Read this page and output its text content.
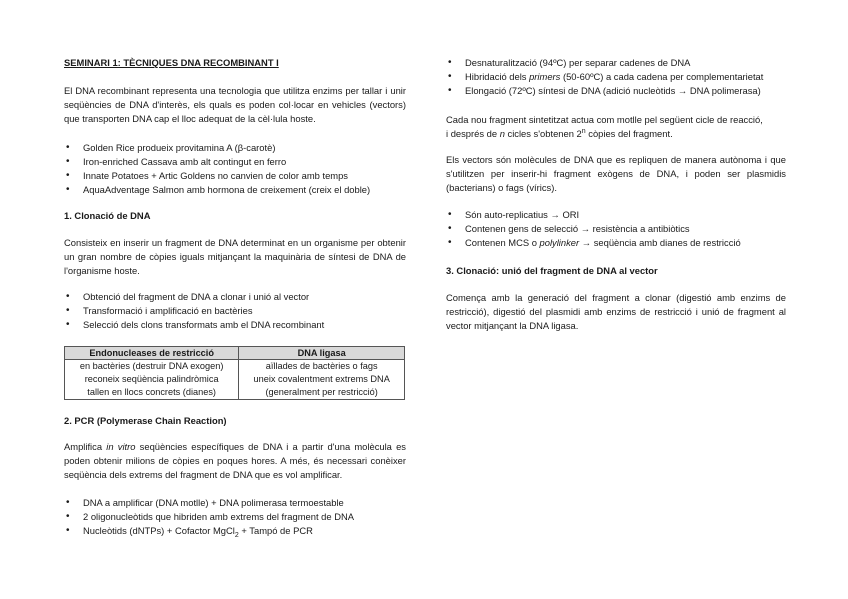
SEMINARI 1: TÈCNIQUES DNA RECOMBINANT I
El DNA recombinant representa una tecnologia que utilitza enzims per tallar i unir seqüències de DNA d'interès, els quals es poden col·locar en vehicles (vectors) que transporten DNA cap el lloc adequat de la cèl·lula hoste.
• Golden Rice produeix provitamina A (β-carotè)
• Iron-enriched Cassava amb alt contingut en ferro
• Innate Potatoes + Artic Goldens no canvien de color amb temps
• AquaAdventage Salmon amb hormona de creixement (creix el doble)
1. Clonació de DNA
Consisteix en inserir un fragment de DNA determinat en un organisme per obtenir un gran nombre de còpies iguals mitjançant la maquinària de síntesi de DNA de l'organisme hoste.
• Obtenció del fragment de DNA a clonar i unió al vector
• Transformació i amplificació en bactèries
• Selecció dels clons transformats amb el DNA recombinant
Endonucleases de restricció	DNA ligasa
en bactèries (destruir DNA exogen)	aïllades de bactèries o fags
reconeix seqüència palindròmica	uneix covalentment extrems DNA
tallen en llocs concrets (dianes)	(generalment per restricció)
2. PCR (Polymerase Chain Reaction)
Amplifica in vitro seqüències específiques de DNA i a partir d'una molècula es poden obtenir milions de còpies en poques hores. A més, és necessari conèixer seqüència dels extrems del fragment de DNA que es vol amplificar.
• DNA a amplificar (DNA motlle) + DNA polimerasa termoestable
• 2 oligonucleòtids que hibriden amb extrems del fragment de DNA
• Nucleòtids (dNTPs) + Cofactor MgCl$_2$ + Tampó de PCR
• Desnaturalització (94ºC) per separar cadenes de DNA
• Hibridació dels primers (50-60ºC) a cada cadena per complementarietat
• Elongació (72ºC) síntesi de DNA (adició nucleòtids → DNA polimerasa)
Cada nou fragment sintetitzat actua com motlle pel següent cicle de reacció,
i després de n cicles s'obtenen 2$^n$ còpies del fragment.
Els vectors són molècules de DNA que es repliquen de manera autònoma i que s'utilitzen per inserir-hi fragment exògens de DNA, i poden ser plasmidis (bacterians) o fags (vírics).
• Són auto-replicatius → ORI
• Contenen gens de selecció → resistència a antibiòtics
• Contenen MCS o polylinker → seqüència amb dianes de restricció
3. Clonació: unió del fragment de DNA al vector
Comença amb la generació del fragment a clonar (digestió amb enzims de restricció), digestió del plasmidi amb enzims de restricció i unió de fragment al vector mitjançant la DNA ligasa.
